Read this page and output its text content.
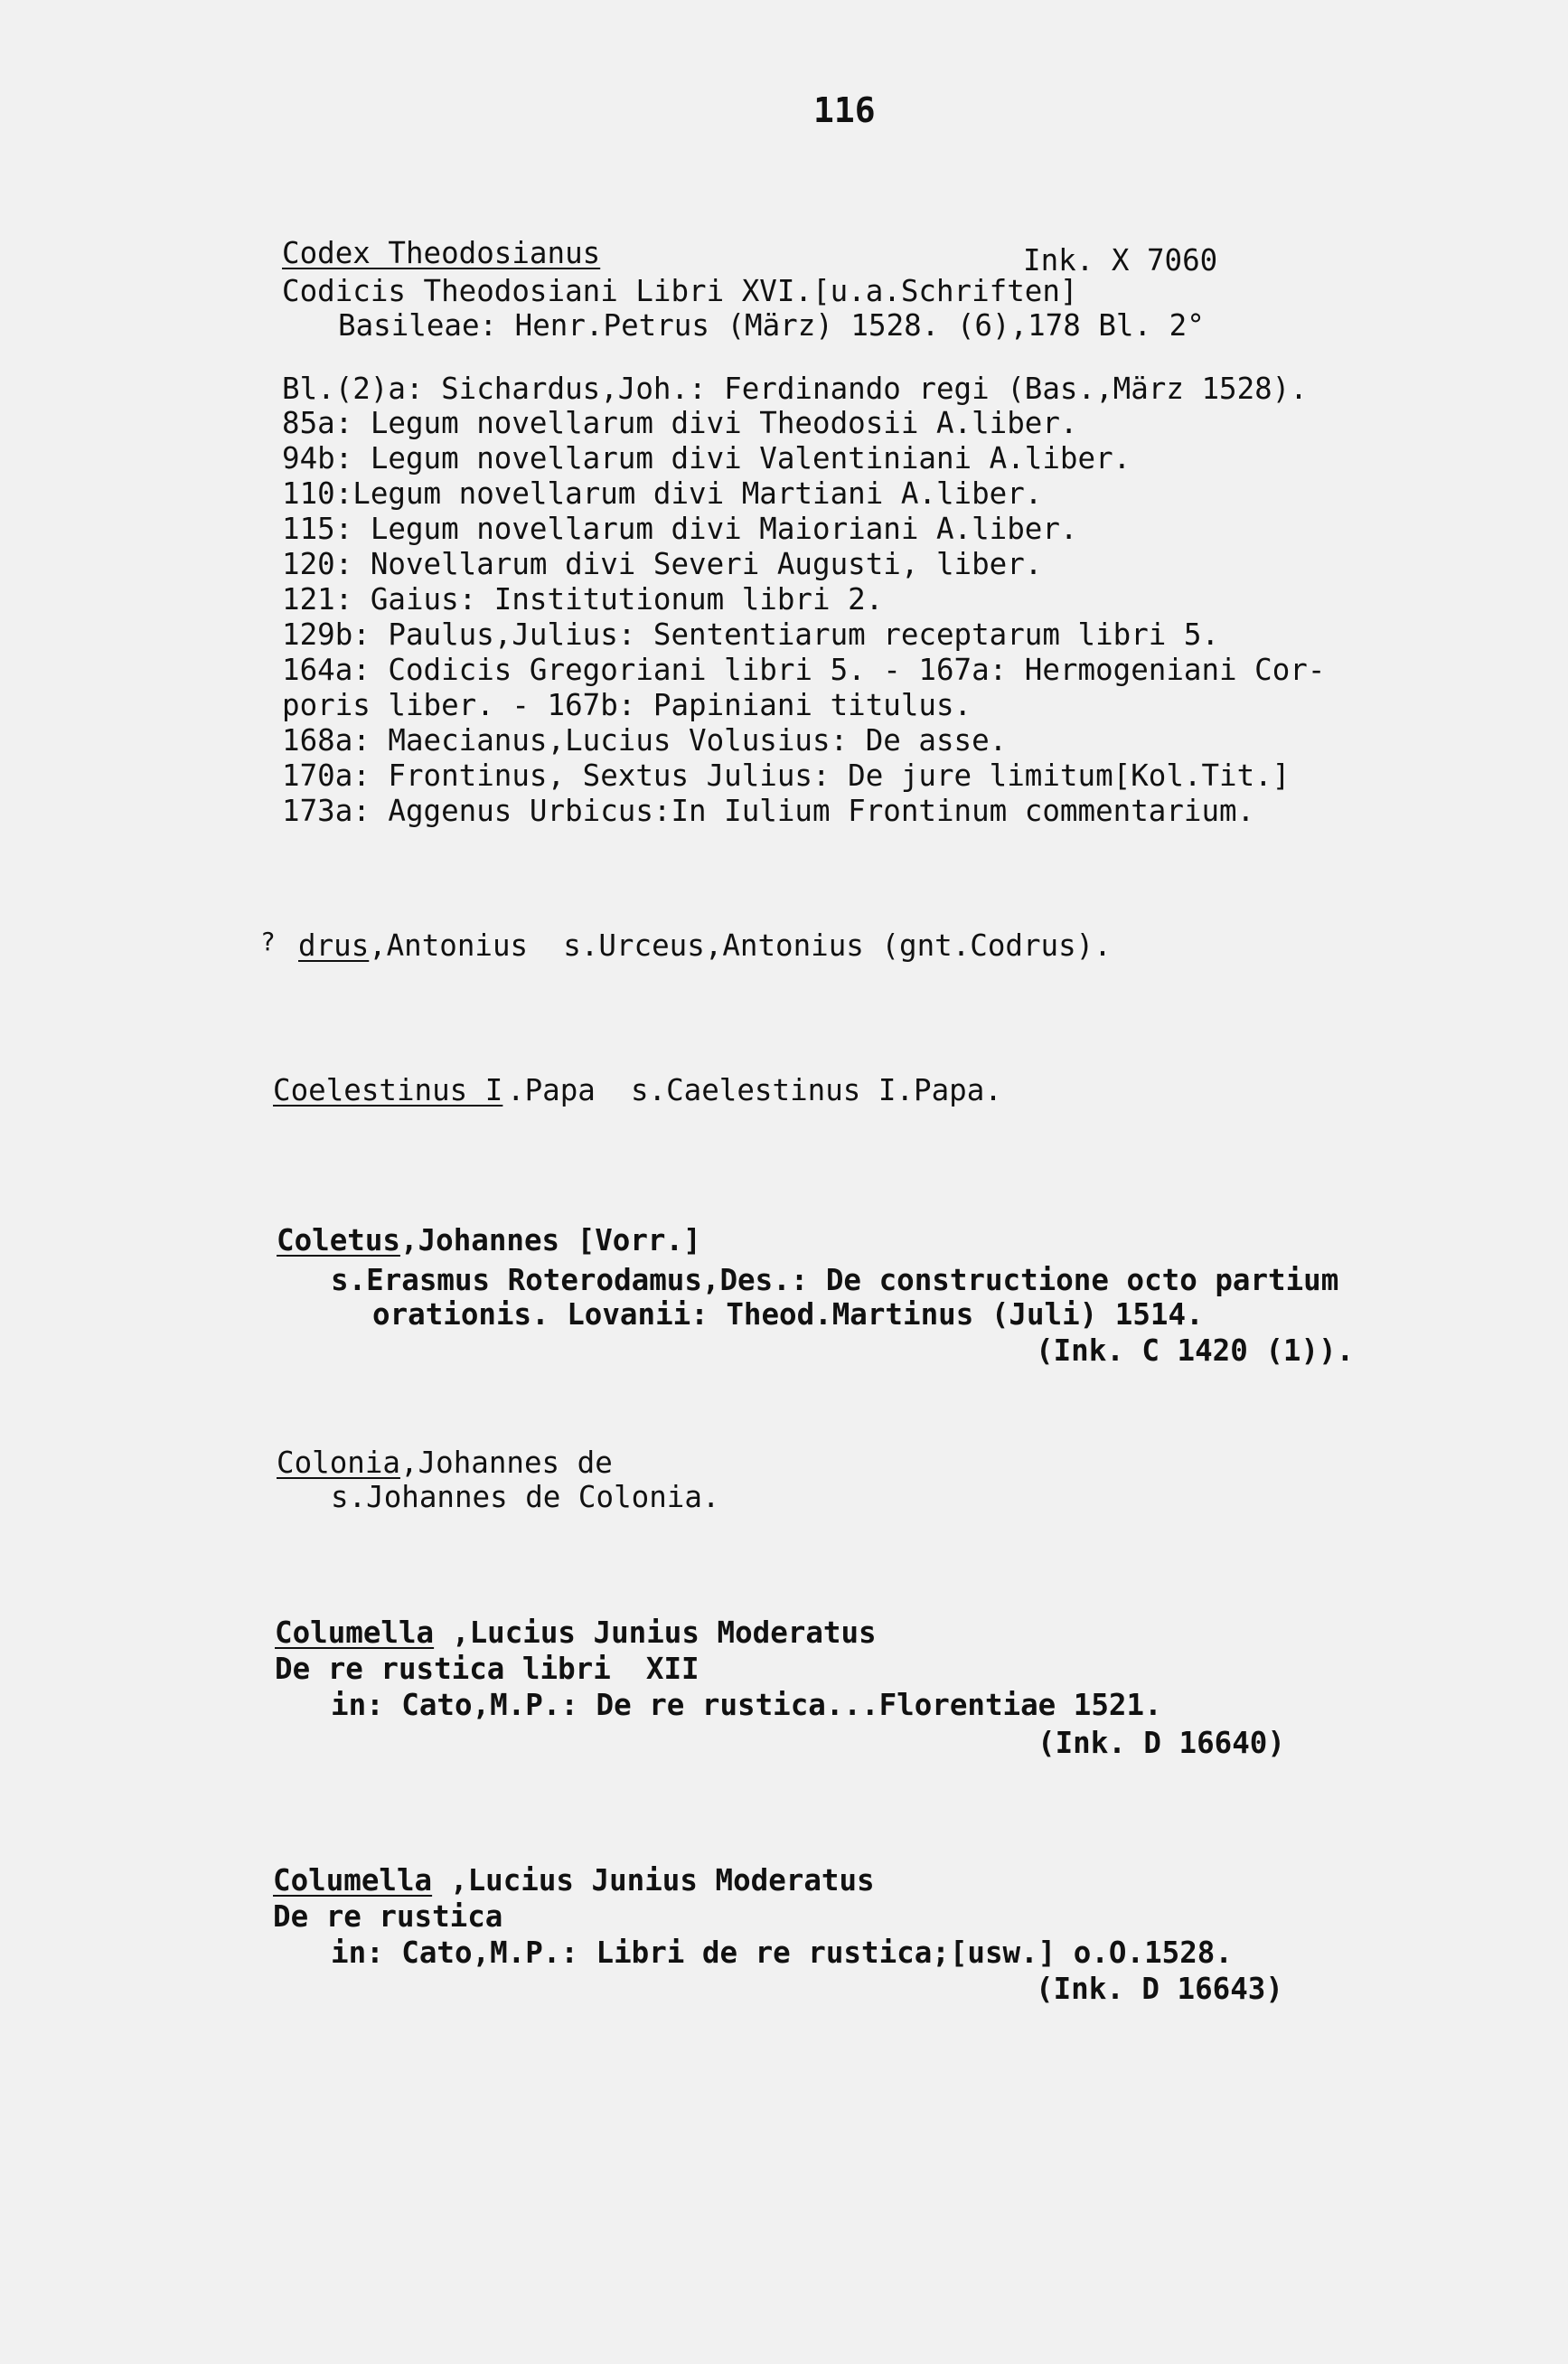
116
Codex Theodosianus	Ink. X 7060
Codicis Theodosiani Libri XVI.[u.a.Schriften]
Basileae: Henr.Petrus (März) 1528. (6),178 Bl. 2°
Bl.(2)a: Sichardus,Joh.: Ferdinando regi (Bas.,März 1528).
85a: Legum novellarum divi Theodosii A.liber.
94b: Legum novellarum divi Valentiniani A.liber.
110:Legum novellarum divi Martiani A.liber.
115: Legum novellarum divi Maioriani A.liber.
120: Novellarum divi Severi Augusti, liber.
121: Gaius: Institutionum libri 2.
129b: Paulus,Julius: Sententiarum receptarum libri 5.
164a: Codicis Gregoriani libri 5. - 167a: Hermogeniani Cor-
poris liber. - 167b: Papiniani titulus.
168a: Maecianus,Lucius Volusius: De asse.
170a: Frontinus, Sextus Julius: De jure limitum[Kol.Tit.]
173a: Aggenus Urbicus:In Iulium Frontinum commentarium.
? drus ,Antonius  s.Urceus,Antonius (gnt.Codrus).
Coelestinus I .Papa  s.Caelestinus I.Papa.
Coletus ,Johannes [Vorr.]
s.Erasmus Roterodamus,Des.: De constructione octo partium
orationis. Lovanii: Theod.Martinus (Juli) 1514.
(Ink. C 1420 (1)).
Colonia ,Johannes de
s.Johannes de Colonia.
Columella ,Lucius Junius Moderatus
De re rustica libri  XII
in: Cato,M.P.: De re rustica...Florentiae 1521.
(Ink. D 16640)
Columella ,Lucius Junius Moderatus
De re rustica
in: Cato,M.P.: Libri de re rustica;[usw.] o.O.1528.
(Ink. D 16643)
